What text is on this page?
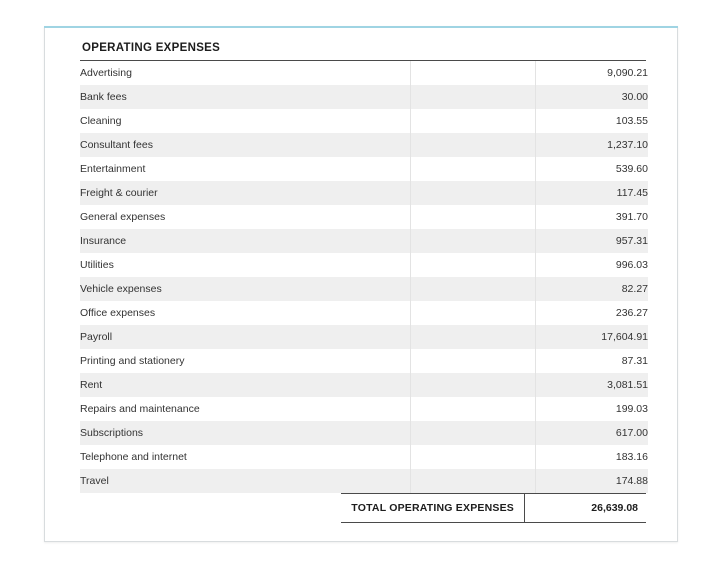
OPERATING EXPENSES
Advertising		9,090.21
Bank fees		30.00
Cleaning		103.55
Consultant fees		1,237.10
Entertainment		539.60
Freight & courier		117.45
General expenses		391.70
Insurance		957.31
Utilities		996.03
Vehicle expenses		82.27
Office expenses		236.27
Payroll		17,604.91
Printing and stationery		87.31
Rent		3,081.51
Repairs and maintenance		199.03
Subscriptions		617.00
Telephone and internet		183.16
Travel		174.88
TOTAL OPERATING EXPENSES	26,639.08
